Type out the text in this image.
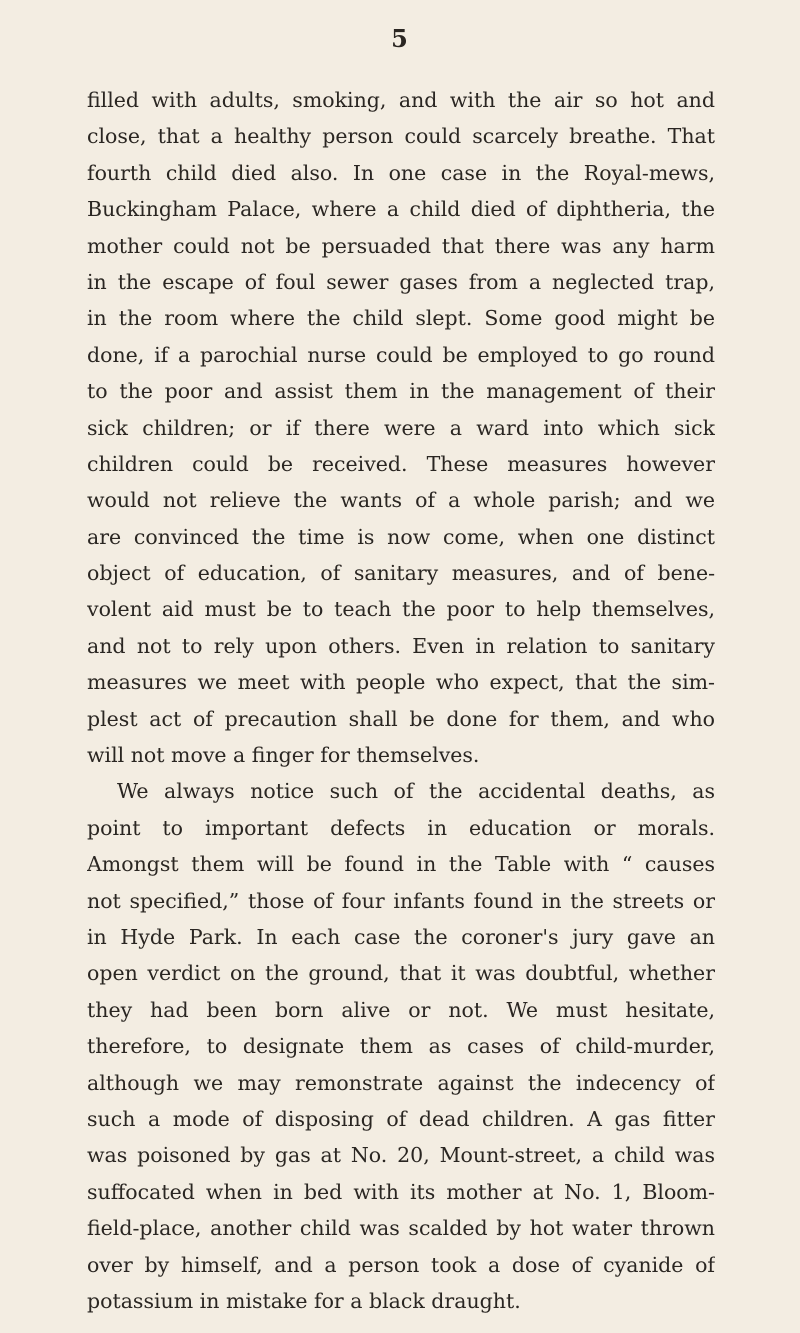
5
filled with adults, smoking, and with the air so hot and
close, that a healthy person could scarcely breathe. That
fourth child died also. In one case in the Royal-mews,
Buckingham Palace, where a child died of diphtheria, the
mother could not be persuaded that there was any harm
in the escape of foul sewer gases from a neglected trap,
in the room where the child slept. Some good might be
done, if a parochial nurse could be employed to go round
to the poor and assist them in the management of their
sick children; or if there were a ward into which sick
children could be received. These measures however
would not relieve the wants of a whole parish; and we
are convinced the time is now come, when one distinct
object of education, of sanitary measures, and of bene-
volent aid must be to teach the poor to help themselves,
and not to rely upon others. Even in relation to sanitary
measures we meet with people who expect, that the sim-
plest act of precaution shall be done for them, and who
will not move a finger for themselves.
We always notice such of the accidental deaths, as
point to important defects in education or morals.
Amongst them will be found in the Table with “ causes
not specified,” those of four infants found in the streets or
in Hyde Park. In each case the coroner's jury gave an
open verdict on the ground, that it was doubtful, whether
they had been born alive or not. We must hesitate,
therefore, to designate them as cases of child-murder,
although we may remonstrate against the indecency of
such a mode of disposing of dead children. A gas fitter
was poisoned by gas at No. 20, Mount-street, a child was
suffocated when in bed with its mother at No. 1, Bloom-
field-place, another child was scalded by hot water thrown
over by himself, and a person took a dose of cyanide of
potassium in mistake for a black draught.
